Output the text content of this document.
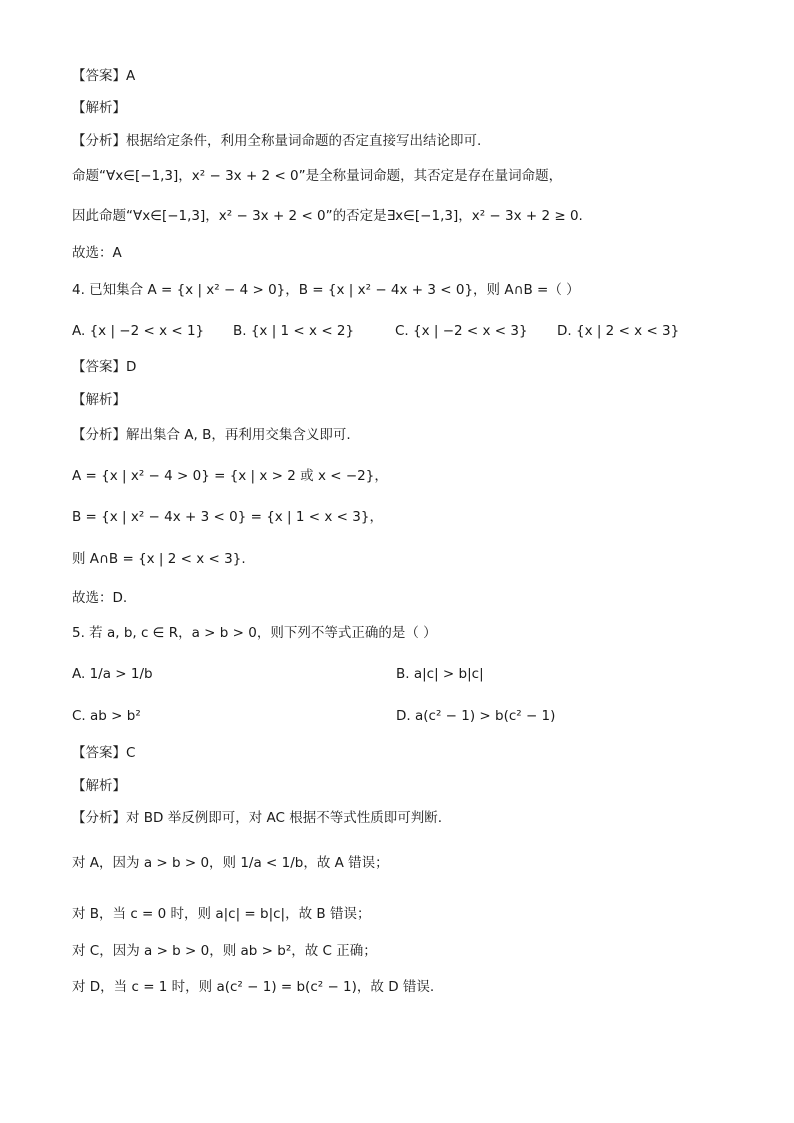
【答案】A
【解析】
【分析】根据给定条件，利用全称量词命题的否定直接写出结论即可.
命题“∀x∈[−1,3]，x² − 3x + 2 < 0”是全称量词命题，其否定是存在量词命题，
因此命题“∀x∈[−1,3]，x² − 3x + 2 < 0”的否定是∃x∈[−1,3]，x² − 3x + 2 ≥ 0.
故选：A
4. 已知集合 A = {x | x² − 4 > 0}，B = {x | x² − 4x + 3 < 0}，则 A∩B =（ ）
A. {x | −2 < x < 1} B. {x | 1 < x < 2}	C. {x | −2 < x < 3} D. {x | 2 < x < 3}
【答案】D
【解析】
【分析】解出集合 A, B，再利用交集含义即可.
A = {x | x² − 4 > 0} = {x | x > 2 或 x < −2}，
B = {x | x² − 4x + 3 < 0} = {x | 1 < x < 3}，
则 A∩B = {x | 2 < x < 3}.
故选：D.
5. 若 a, b, c ∈ R，a > b > 0，则下列不等式正确的是（ ）
A. 1/a > 1/b	B. a|c| > b|c|
C. ab > b²	D. a(c² − 1) > b(c² − 1)
【答案】C
【解析】
【分析】对 BD 举反例即可，对 AC 根据不等式性质即可判断.
对 A，因为 a > b > 0，则 1/a < 1/b，故 A 错误；
对 B，当 c = 0 时，则 a|c| = b|c|，故 B 错误；
对 C，因为 a > b > 0，则 ab > b²，故 C 正确；
对 D，当 c = 1 时，则 a(c² − 1) = b(c² − 1)，故 D 错误.
